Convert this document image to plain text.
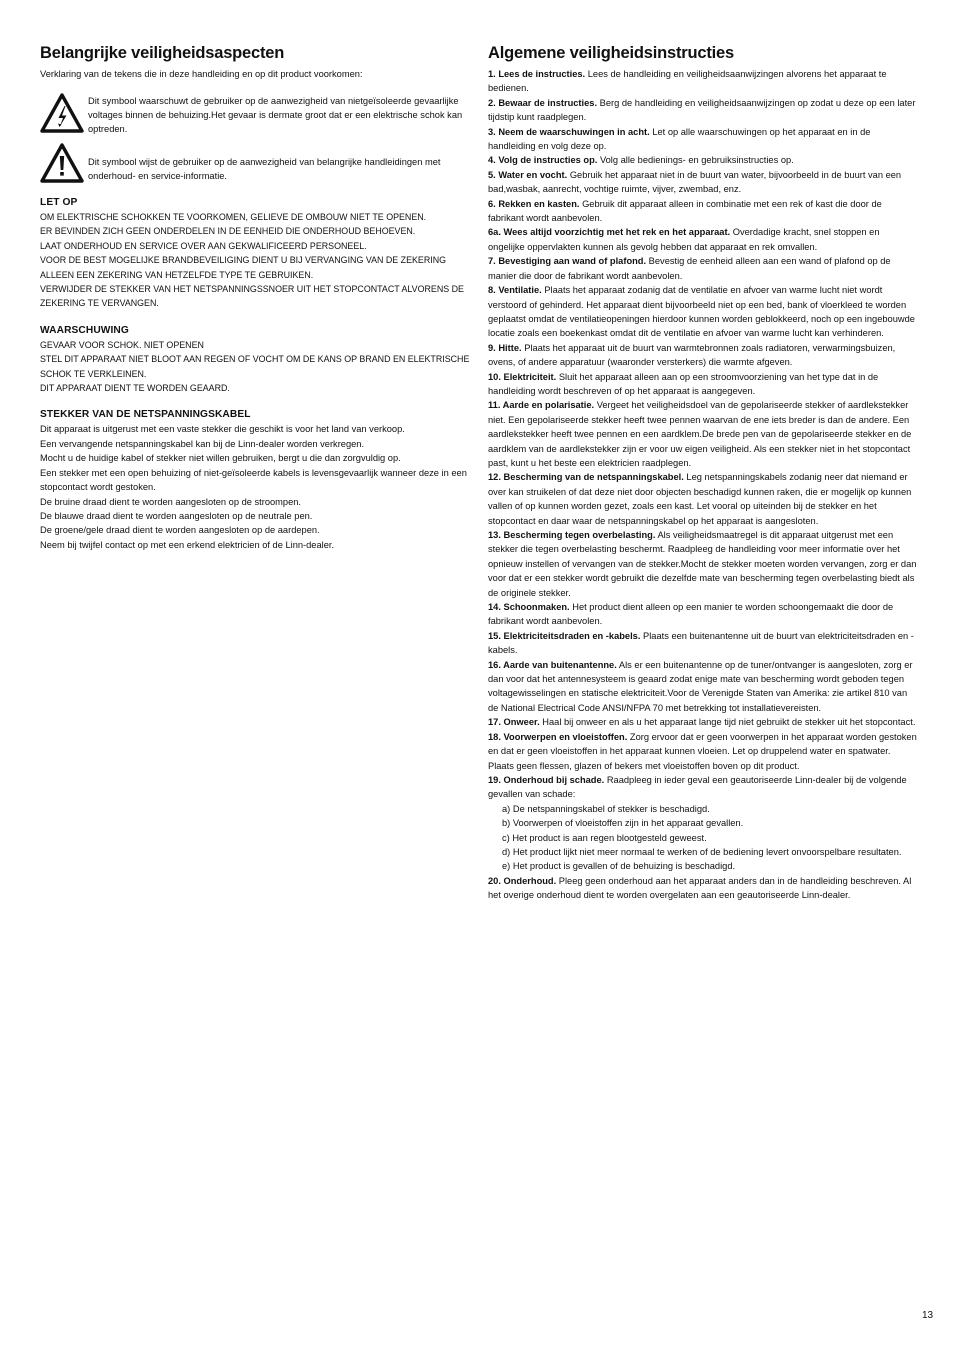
Belangrijke veiligheidsaspecten

Verklaring van de tekens die in deze handleiding en op dit product voorkomen:

Dit symbool waarschuwt de gebruiker op de aanwezigheid van nietgeïsoleerde gevaarlijke voltages binnen de behuizing.Het gevaar is dermate groot dat er een elektrische schok kan optreden.
Dit symbool wijst de gebruiker op de aanwezigheid van belangrijke handleidingen met onderhoud- en service-informatie.
LET OP
OM ELEKTRISCHE SCHOKKEN TE VOORKOMEN, GELIEVE DE OMBOUW NIET TE OPENEN.
ER BEVINDEN ZICH GEEN ONDERDELEN IN DE EENHEID DIE ONDERHOUD BEHOEVEN.
LAAT ONDERHOUD EN SERVICE OVER AAN GEKWALIFICEERD PERSONEEL.
VOOR DE BEST MOGELIJKE BRANDBEVEILIGING DIENT U BIJ VERVANGING VAN DE ZEKERING ALLEEN EEN ZEKERING VAN HETZELFDE TYPE TE GEBRUIKEN.
VERWIJDER DE STEKKER VAN HET NETSPANNINGSSNOER UIT HET STOPCONTACT ALVORENS DE ZEKERING TE VERVANGEN.
WAARSCHUWING
GEVAAR VOOR SCHOK. NIET OPENEN
STEL DIT APPARAAT NIET BLOOT AAN REGEN OF VOCHT OM DE KANS OP BRAND EN ELEKTRISCHE SCHOK TE VERKLEINEN.
DIT APPARAAT DIENT TE WORDEN GEAARD.
STEKKER VAN DE NETSPANNINGSKABEL
Dit apparaat is uitgerust met een vaste stekker die geschikt is voor het land van verkoop.
Een vervangende netspanningskabel kan bij de Linn-dealer worden verkregen.
Mocht u de huidige kabel of stekker niet willen gebruiken, bergt u die dan zorgvuldig op.
Een stekker met een open behuizing of niet-geïsoleerde kabels is levensgevaarlijk wanneer deze in een stopcontact wordt gestoken.
De bruine draad dient te worden aangesloten op de stroompen.
De blauwe draad dient te worden aangesloten op de neutrale pen.
De groene/gele draad dient te worden aangesloten op de aardepen.
Neem bij twijfel contact op met een erkend elektricien of de Linn-dealer.
Algemene veiligheidsinstructies

1. Lees de instructies. Lees de handleiding en veiligheidsaanwijzingen alvorens het apparaat te bedienen.

2. Bewaar de instructies. Berg de handleiding en veiligheidsaanwijzingen op zodat u deze op een later tijdstip kunt raadplegen.

3. Neem de waarschuwingen in acht. Let op alle waarschuwingen op het apparaat en in de handleiding en volg deze op.

4. Volg de instructies op. Volg alle bedienings- en gebruiksinstructies op.

5. Water en vocht. Gebruik het apparaat niet in de buurt van water, bijvoorbeeld in de buurt van een bad,wasbak, aanrecht, vochtige ruimte, vijver, zwembad, enz.

6. Rekken en kasten. Gebruik dit apparaat alleen in combinatie met een rek of kast die door de fabrikant wordt aanbevolen.

6a. Wees altijd voorzichtig met het rek en het apparaat. Overdadige kracht, snel stoppen en ongelijke oppervlakten kunnen als gevolg hebben dat apparaat en rek omvallen.

7. Bevestiging aan wand of plafond. Bevestig de eenheid alleen aan een wand of plafond op de manier die door de fabrikant wordt aanbevolen.

8. Ventilatie. Plaats het apparaat zodanig dat de ventilatie en afvoer van warme lucht niet wordt verstoord of gehinderd. Het apparaat dient bijvoorbeeld niet op een bed, bank of vloerkleed te worden geplaatst omdat de ventilatieopeningen hierdoor kunnen worden geblokkeerd, noch op een ingebouwde locatie zoals een boekenkast omdat dit de ventilatie en afvoer van warme lucht kan verhinderen.

9. Hitte. Plaats het apparaat uit de buurt van warmtebronnen zoals radiatoren, verwarmingsbuizen, ovens, of andere apparatuur (waaronder versterkers) die warmte afgeven.

10. Elektriciteit. Sluit het apparaat alleen aan op een stroomvoorziening van het type dat in de handleiding wordt beschreven of op het apparaat is aangegeven.

11. Aarde en polarisatie. Vergeet het veiligheidsdoel van de gepolariseerde stekker of aardlekstekker niet. Een gepolariseerde stekker heeft twee pennen waarvan de ene iets breder is dan de andere. Een aardlekstekker heeft twee pennen en een aardklem.De brede pen van de gepolariseerde stekker en de aardklem van de aardlekstekker zijn er voor uw eigen veiligheid. Als een stekker niet in het stopcontact past, kunt u het beste een elektricien raadplegen.

12. Bescherming van de netspanningskabel. Leg netspanningskabels zodanig neer dat niemand er over kan struikelen of dat deze niet door objecten beschadigd kunnen raken, die er mogelijk op kunnen vallen of op kunnen worden gezet, zoals een kast. Let vooral op uiteinden bij de stekker en het stopcontact en daar waar de netspanningskabel op het apparaat is aangesloten.

13. Bescherming tegen overbelasting. Als veiligheidsmaatregel is dit apparaat uitgerust met een stekker die tegen overbelasting beschermt. Raadpleeg de handleiding voor meer informatie over het opnieuw instellen of vervangen van de stekker.Mocht de stekker moeten worden vervangen, zorg er dan voor dat er een stekker wordt gebruikt die dezelfde mate van bescherming tegen overbelasting biedt als de originele stekker.

14. Schoonmaken. Het product dient alleen op een manier te worden schoongemaakt die door de fabrikant wordt aanbevolen.

15. Elektriciteitsdraden en -kabels. Plaats een buitenantenne uit de buurt van elektriciteitsdraden en -kabels.

16. Aarde van buitenantenne. Als er een buitenantenne op de tuner/ontvanger is aangesloten, zorg er dan voor dat het antennesysteem is geaard zodat enige mate van bescherming wordt geboden tegen voltagewisselingen en statische elektriciteit.Voor de Verenigde Staten van Amerika: zie artikel 810 van de National Electrical Code ANSI/NFPA 70 met betrekking tot installatievereisten.

17. Onweer. Haal bij onweer en als u het apparaat lange tijd niet gebruikt de stekker uit het stopcontact.

18. Voorwerpen en vloeistoffen. Zorg ervoor dat er geen voorwerpen in het apparaat worden gestoken en dat er geen vloeistoffen in het apparaat kunnen vloeien. Let op druppelend water en spatwater. Plaats geen flessen, glazen of bekers met vloeistoffen boven op dit product.

19. Onderhoud bij schade. Raadpleeg in ieder geval een geautoriseerde Linn-dealer bij de volgende gevallen van schade:

a) De netspanningskabel of stekker is beschadigd.

b) Voorwerpen of vloeistoffen zijn in het apparaat gevallen.

c) Het product is aan regen blootgesteld geweest.

d) Het product lijkt niet meer normaal te werken of de bediening levert onvoorspelbare resultaten.

e) Het product is gevallen of de behuizing is beschadigd.

20. Onderhoud. Pleeg geen onderhoud aan het apparaat anders dan in de handleiding beschreven. Al het overige onderhoud dient te worden overgelaten aan een geautoriseerde Linn-dealer.

13
